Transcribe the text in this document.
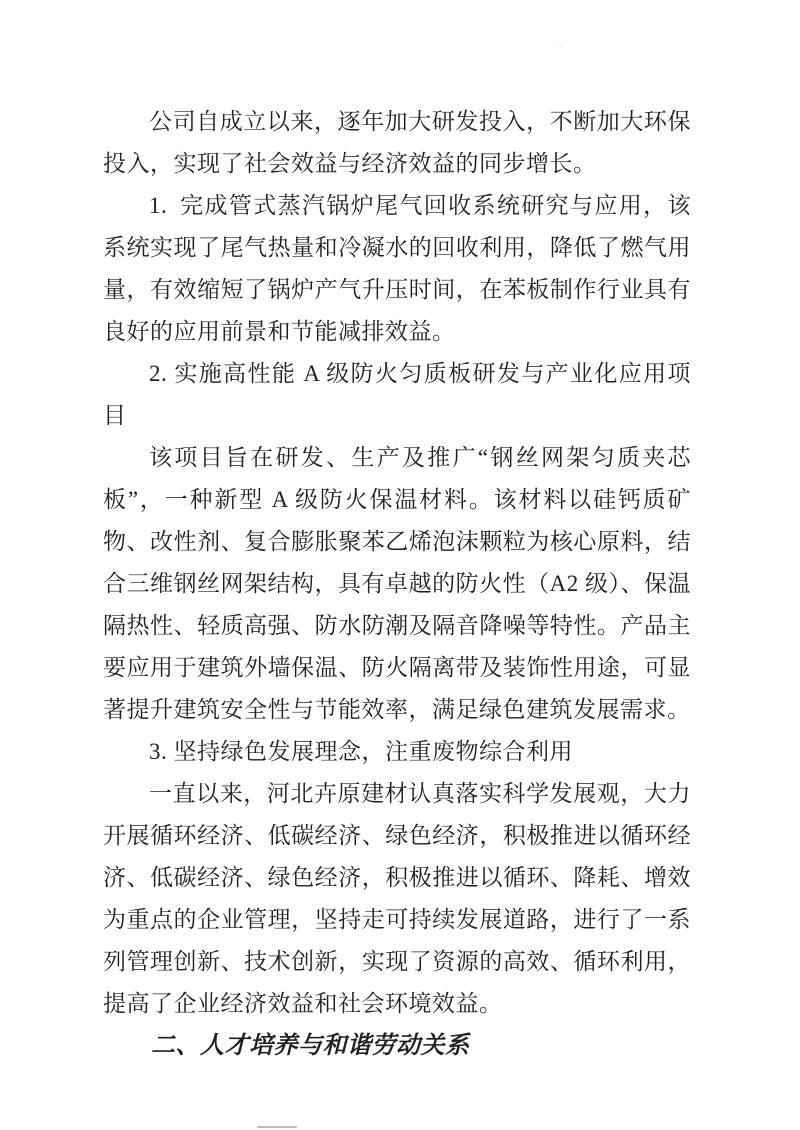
公司自成立以来，逐年加大研发投入，不断加大环保投入，实现了社会效益与经济效益的同步增长。

1. 完成管式蒸汽锅炉尾气回收系统研究与应用，该系统实现了尾气热量和冷凝水的回收利用，降低了燃气用量，有效缩短了锅炉产气升压时间，在苯板制作行业具有良好的应用前景和节能减排效益。

2. 实施高性能 A 级防火匀质板研发与产业化应用项目

该项目旨在研发、生产及推广“钢丝网架匀质夹芯板”，一种新型 A 级防火保温材料。该材料以硅钙质矿物、改性剂、复合膨胀聚苯乙烯泡沫颗粒为核心原料，结合三维钢丝网架结构，具有卓越的防火性（A2 级）、保温隔热性、轻质高强、防水防潮及隔音降噪等特性。产品主要应用于建筑外墙保温、防火隔离带及装饰性用途，可显著提升建筑安全性与节能效率，满足绿色建筑发展需求。

3. 坚持绿色发展理念，注重废物综合利用

一直以来，河北卉原建材认真落实科学发展观，大力开展循环经济、低碳经济、绿色经济，积极推进以循环经济、低碳经济、绿色经济，积极推进以循环、降耗、增效为重点的企业管理，坚持走可持续发展道路，进行了一系列管理创新、技术创新，实现了资源的高效、循环利用，提高了企业经济效益和社会环境效益。

二、人才培养与和谐劳动关系

+
